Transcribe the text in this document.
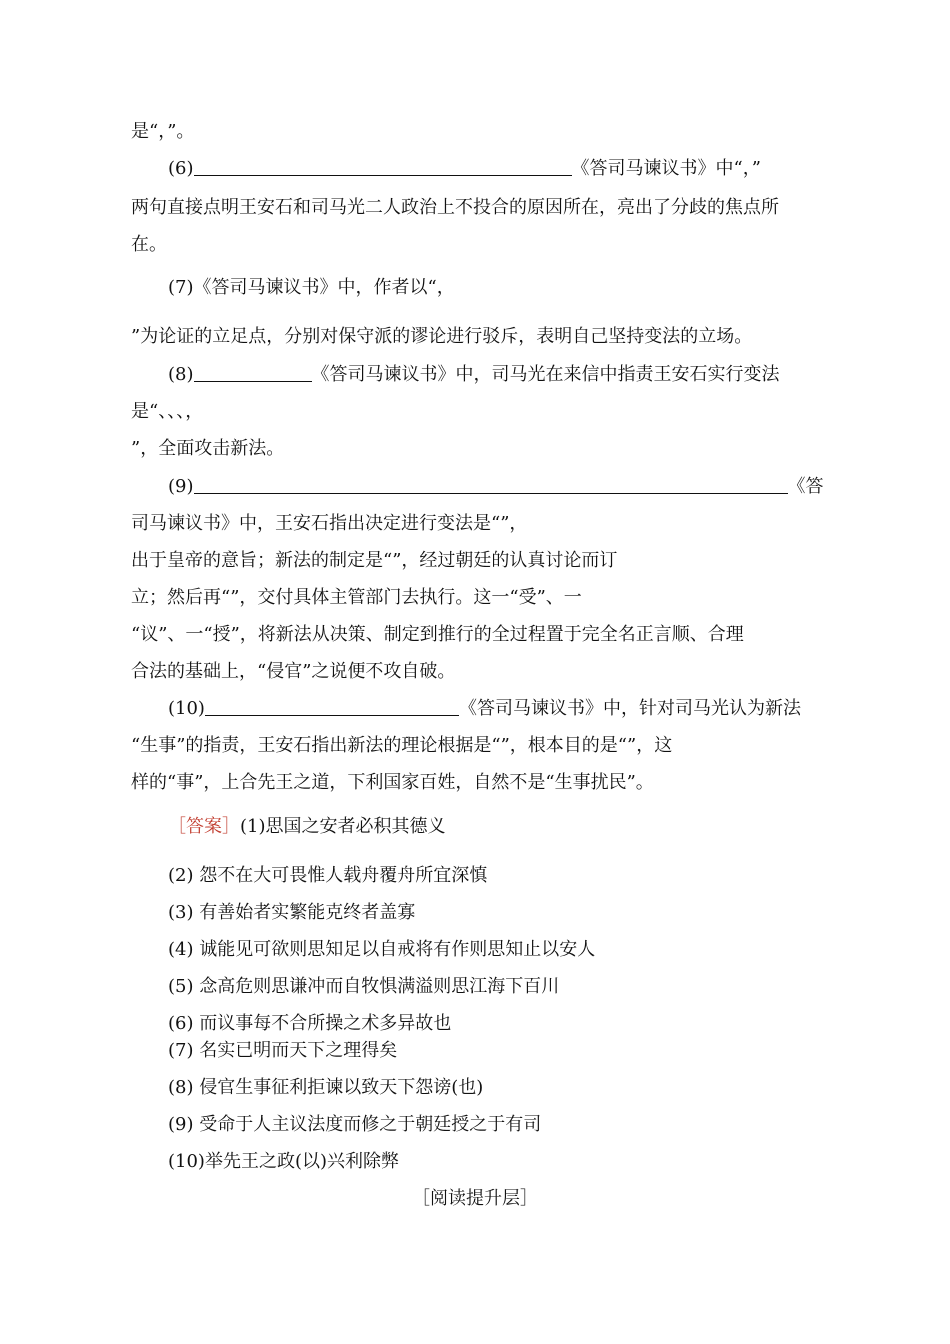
是“，”。
(6)	《答司马谏议书》中“，”
两句直接点明王安石和司马光二人政治上不投合的原因所在，亮出了分歧的焦点所
在。
(7)《答司马谏议书》中，作者以“，
”为论证的立足点，分别对保守派的谬论进行驳斥，表明自己坚持变法的立场。
(8)	《答司马谏议书》中，司马光在来信中指责王安石实行变法
是“、、、，
”，全面攻击新法。
(9)	《答
司马谏议书》中，王安石指出决定进行变法是“”，
出于皇帝的意旨；新法的制定是“”，经过朝廷的认真讨论而订
立；然后再“”，交付具体主管部门去执行。这一“受”、一
“议”、一“授”，将新法从决策、制定到推行的全过程置于完全名正言顺、合理
合法的基础上，“侵官”之说便不攻自破。
(10)	《答司马谏议书》中，针对司马光认为新法
“生事”的指责，王安石指出新法的理论根据是“”，根本目的是“”，这
样的“事”，上合先王之道，下利国家百姓，自然不是“生事扰民”。
［答案］(1)思国之安者必积其德义
(2) 怨不在大可畏惟人载舟覆舟所宜深慎
(3) 有善始者实繁能克终者盖寡
(4) 诚能见可欲则思知足以自戒将有作则思知止以安人
(5) 念高危则思谦冲而自牧惧满溢则思江海下百川
(6) 而议事每不合所操之术多异故也
(7) 名实已明而天下之理得矣
(8) 侵官生事征利拒谏以致天下怨谤(也)
(9) 受命于人主议法度而修之于朝廷授之于有司
(10)举先王之政(以)兴利除弊
［阅读提升层］
